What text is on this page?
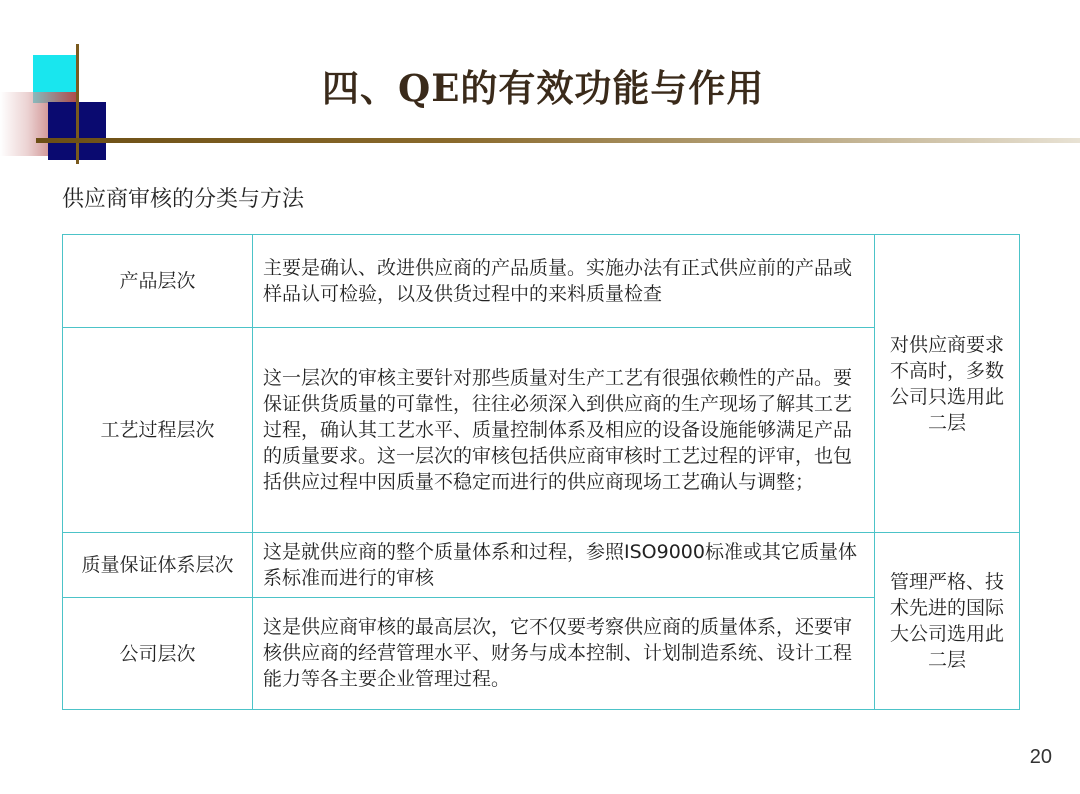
四、QE的有效功能与作用
供应商审核的分类与方法
产品层次	主要是确认、改进供应商的产品质量。实施办法有正式供应前的产品或样品认可检验，以及供货过程中的来料质量检查	对供应商要求不高时，多数公司只选用此二层
工艺过程层次	这一层次的审核主要针对那些质量对生产工艺有很强依赖性的产品。要保证供货质量的可靠性，往往必须深入到供应商的生产现场了解其工艺过程，确认其工艺水平、质量控制体系及相应的设备设施能够满足产品的质量要求。这一层次的审核包括供应商审核时工艺过程的评审，也包括供应过程中因质量不稳定而进行的供应商现场工艺确认与调整；	
质量保证体系层次	这是就供应商的整个质量体系和过程，参照ISO9000标准或其它质量体系标准而进行的审核	管理严格、技术先进的国际大公司选用此二层
公司层次	这是供应商审核的最高层次，它不仅要考察供应商的质量体系，还要审核供应商的经营管理水平、财务与成本控制、计划制造系统、设计工程能力等各主要企业管理过程。	
20
